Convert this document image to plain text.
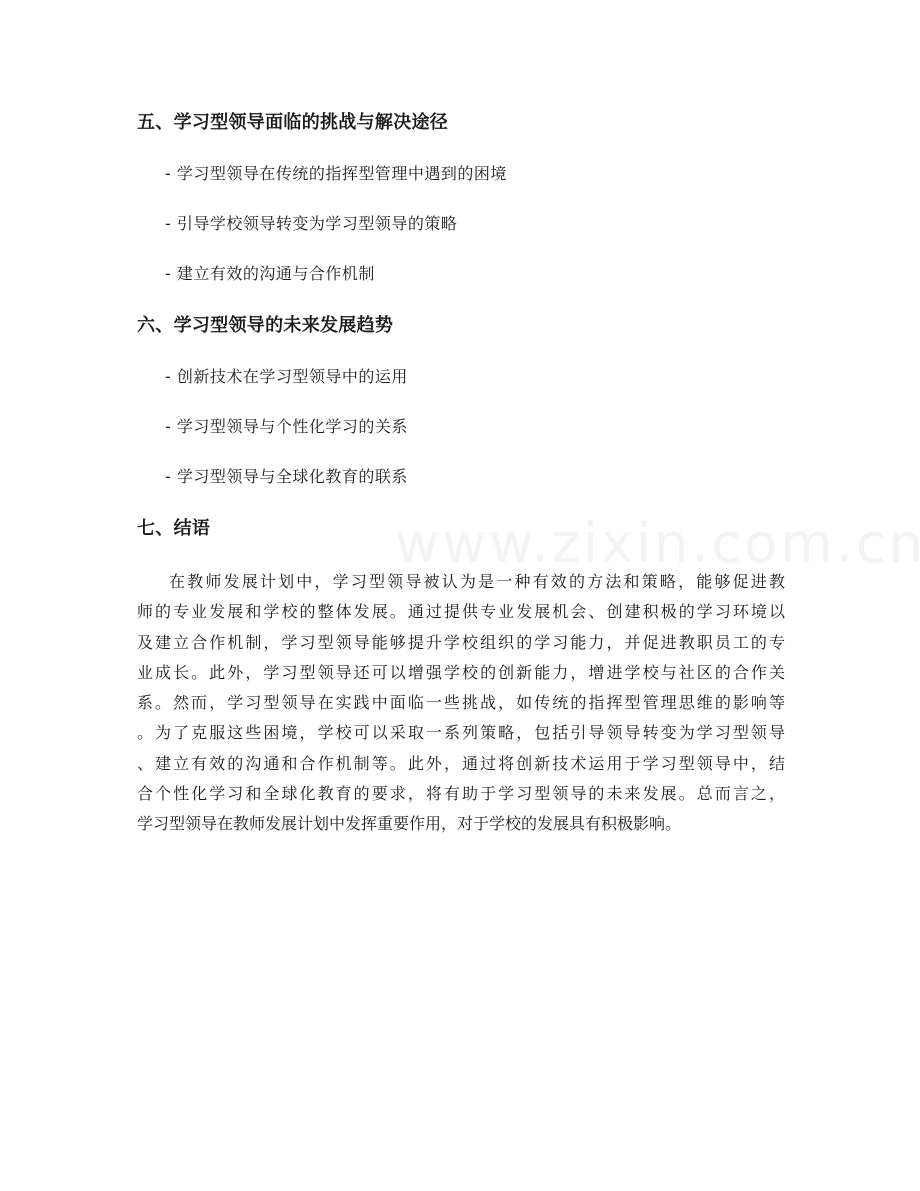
五、学习型领导面临的挑战与解决途径
- 学习型领导在传统的指挥型管理中遇到的困境
- 引导学校领导转变为学习型领导的策略
- 建立有效的沟通与合作机制
六、学习型领导的未来发展趋势
- 创新技术在学习型领导中的运用
- 学习型领导与个性化学习的关系
- 学习型领导与全球化教育的联系
七、结语
在教师发展计划中，学习型领导被认为是一种有效的方法和策略，能够促进教
师的专业发展和学校的整体发展。通过提供专业发展机会、创建积极的学习环境以
及建立合作机制，学习型领导能够提升学校组织的学习能力，并促进教职员工的专
业成长。此外，学习型领导还可以增强学校的创新能力，增进学校与社区的合作关
系。然而，学习型领导在实践中面临一些挑战，如传统的指挥型管理思维的影响等
。为了克服这些困境，学校可以采取一系列策略，包括引导领导转变为学习型领导
、建立有效的沟通和合作机制等。此外，通过将创新技术运用于学习型领导中，结
合个性化学习和全球化教育的要求，将有助于学习型领导的未来发展。总而言之，
学习型领导在教师发展计划中发挥重要作用，对于学校的发展具有积极影响。
